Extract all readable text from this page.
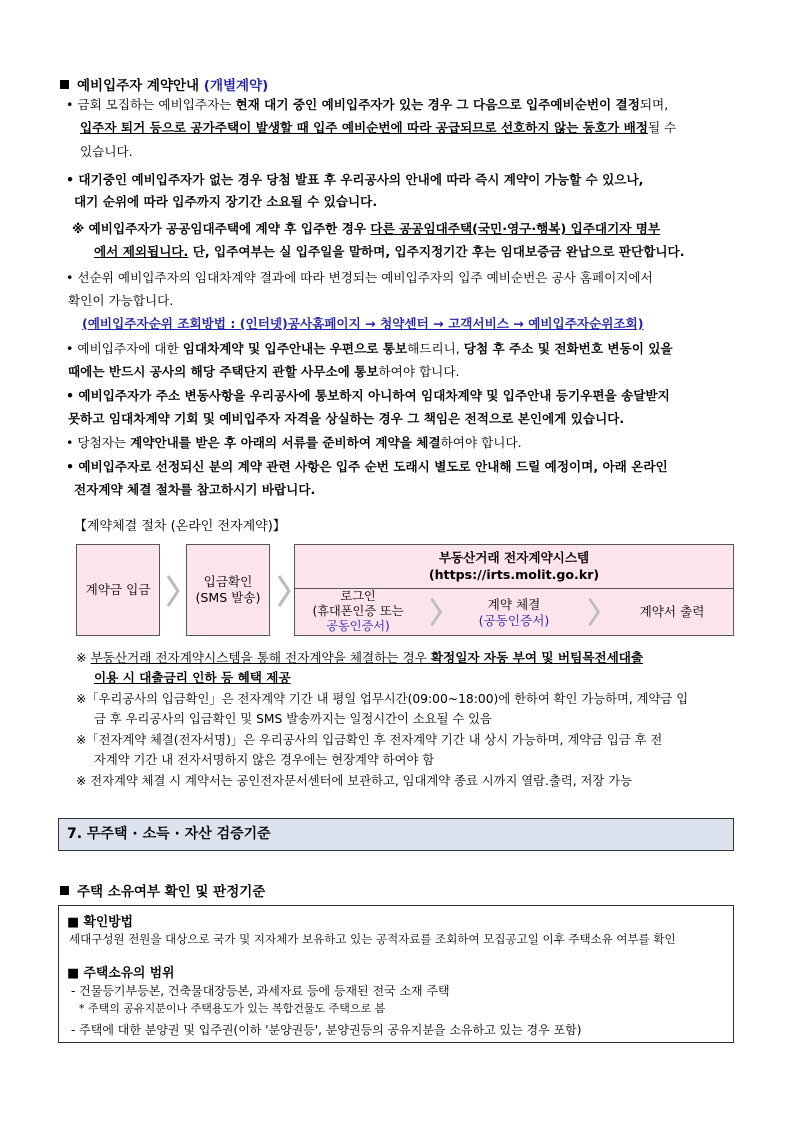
예비입주자 계약안내 (개별계약)
• 금회 모집하는 예비입주자는 현재 대기 중인 예비입주자가 있는 경우 그 다음으로 입주예비순번이 결정되며,
입주자 퇴거 등으로 공가주택이 발생할 때 입주 예비순번에 따라 공급되므로 선호하지 않는 동호가 배정될 수
있습니다.
• 대기중인 예비입주자가 없는 경우 당첨 발표 후 우리공사의 안내에 따라 즉시 계약이 가능할 수 있으나,
대기 순위에 따라 입주까지 장기간 소요될 수 있습니다.
※ 예비입주자가 공공임대주택에 계약 후 입주한 경우 다른 공공임대주택(국민·영구·행복) 입주대기자 명부
에서 제외됩니다. 단, 입주여부는 실 입주일을 말하며, 입주지정기간 후는 임대보증금 완납으로 판단합니다.
• 선순위 예비입주자의 임대차계약 결과에 따라 변경되는 예비입주자의 입주 예비순번은 공사 홈페이지에서
확인이 가능합니다.
(예비입주자순위 조회방법 : (인터넷)공사홈페이지 → 청약센터 → 고객서비스 → 예비입주자순위조회)
• 예비입주자에 대한 임대차계약 및 입주안내는 우편으로 통보해드리니, 당첨 후 주소 및 전화번호 변동이 있을
때에는 반드시 공사의 해당 주택단지 관할 사무소에 통보하여야 합니다.
• 예비입주자가 주소 변동사항을 우리공사에 통보하지 아니하여 임대차계약 및 입주안내 등기우편을 송달받지
못하고 임대차계약 기회 및 예비입주자 자격을 상실하는 경우 그 책임은 전적으로 본인에게 있습니다.
• 당첨자는 계약안내를 받은 후 아래의 서류를 준비하여 계약을 체결하여야 합니다.
• 예비입주자로 선정되신 분의 계약 관련 사항은 입주 순번 도래시 별도로 안내해 드릴 예정이며, 아래 온라인
전자계약 체결 절차를 참고하시기 바랍니다.
【계약체결 절차 (온라인 전자계약)】
계약금 입금
입금확인
(SMS 발송)
부동산거래 전자계약시스템
(https://irts.molit.go.kr)
로그인
(휴대폰인증 또는
공동인증서)
계약 체결
(공동인증서)
계약서 출력
※ 부동산거래 전자계약시스템을 통해 전자계약을 체결하는 경우 확정일자 자동 부여 및 버팀목전세대출
이용 시 대출금리 인하 등 혜택 제공
※「우리공사의 입금확인」은 전자계약 기간 내 평일 업무시간(09:00~18:00)에 한하여 확인 가능하며, 계약금 입
금 후 우리공사의 입금확인 및 SMS 발송까지는 일정시간이 소요될 수 있음
※「전자계약 체결(전자서명)」은 우리공사의 입금확인 후 전자계약 기간 내 상시 가능하며, 계약금 입금 후 전
자계약 기간 내 전자서명하지 않은 경우에는 현장계약 하여야 함
※ 전자계약 체결 시 계약서는 공인전자문서센터에 보관하고, 임대계약 종료 시까지 열람.출력, 저장 가능
7. 무주택 · 소득 · 자산 검증기준
주택 소유여부 확인 및 판정기준
■ 확인방법
세대구성원 전원을 대상으로 국가 및 지자체가 보유하고 있는 공적자료를 조회하여 모집공고일 이후 주택소유 여부를 확인
■ 주택소유의 범위
- 건물등기부등본, 건축물대장등본, 과세자료 등에 등재된 전국 소재 주택
* 주택의 공유지분이나 주택용도가 있는 복합건물도 주택으로 봄
- 주택에 대한 분양권 및 입주권(이하 '분양권등', 분양권등의 공유지분을 소유하고 있는 경우 포함)
